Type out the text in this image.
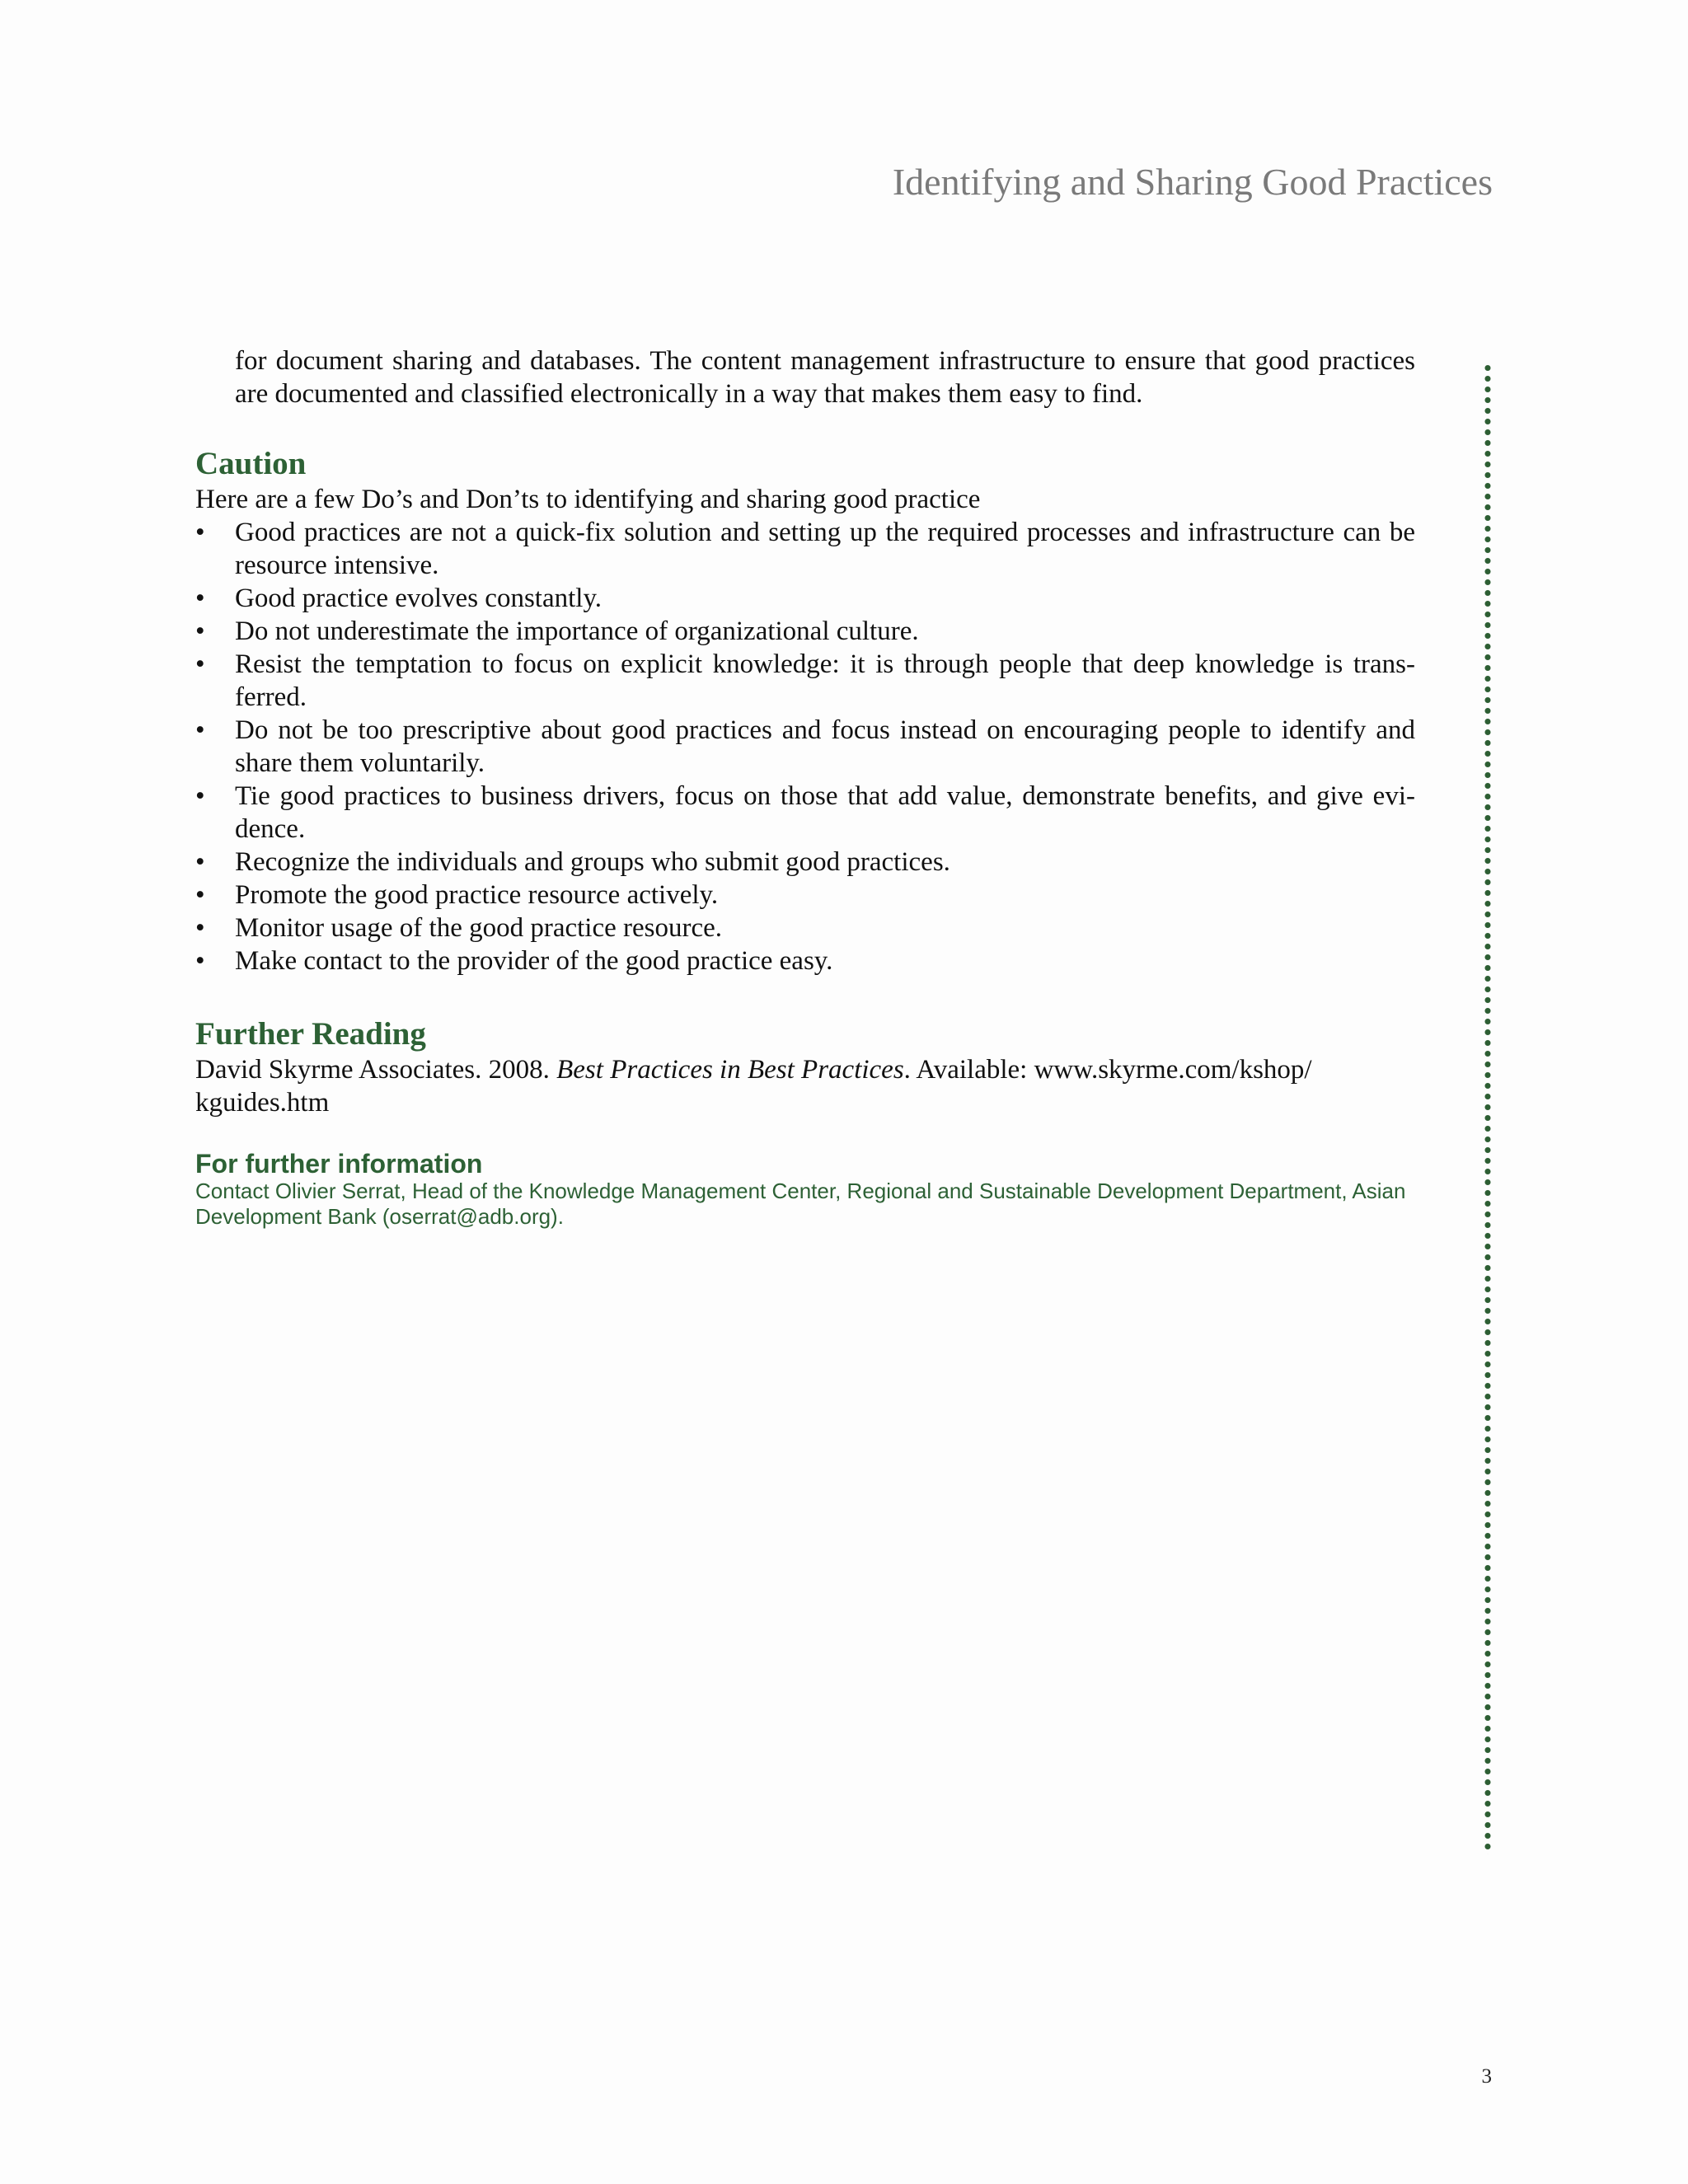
Identifying and Sharing Good Practices

for document sharing and databases. The content management infrastructure to ensure that good practices are documented and classified electronically in a way that makes them easy to find.

Caution

Here are a few Do’s and Don’ts to identifying and sharing good practice

•	Good practices are not a quick-fix solution and setting up the required processes and infrastructure can be resource intensive.
•	Good practice evolves constantly.
•	Do not underestimate the importance of organizational culture.
•	Resist the temptation to focus on explicit knowledge: it is through people that deep knowledge is transferred.
•	Do not be too prescriptive about good practices and focus instead on encouraging people to identify and share them voluntarily.
•	Tie good practices to business drivers, focus on those that add value, demonstrate benefits, and give evidence.
•	Recognize the individuals and groups who submit good practices.
•	Promote the good practice resource actively.
•	Monitor usage of the good practice resource.
•	Make contact to the provider of the good practice easy.
Further Reading

David Skyrme Associates. 2008. Best Practices in Best Practices. Available: www.skyrme.com/kshop/ kguides.htm

For further information

Contact Olivier Serrat, Head of the Knowledge Management Center, Regional and Sustainable Development Department, Asian Development Bank (oserrat@adb.org).

3
